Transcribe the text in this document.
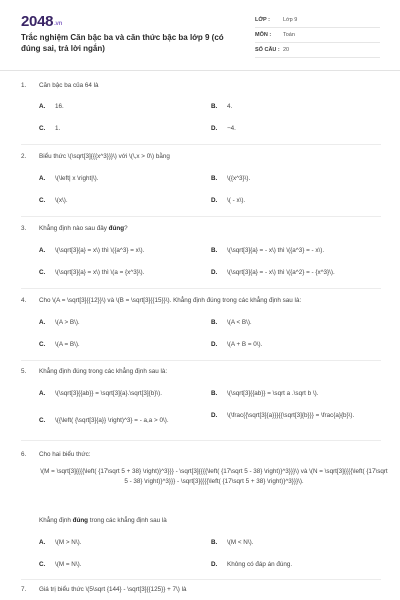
2048.vn
Trắc nghiệm Căn bậc ba và căn thức bậc ba lớp 9 (có đúng sai, trả lời ngắn)
LỚP :	Lớp 9
MÔN :	Toán
SỐ CÂU : 20
1. Căn bậc ba của 64 là
A. 16.	B. 4.
C. 1.	D. −4.
2. Biểu thức \(\sqrt[3]{{{x^3}}}\) với \(\,x > 0\) bằng
A. \(\left| x \right|\).	B. \({x^3}\).
C. \(x\).	D. \( - x\).
3. Khẳng định nào sau đây đúng?
A. \(\sqrt[3]{a} = x\) thì \({a^3} = x\).	B. \(\sqrt[3]{a} = - x\) thì \({a^3} = - x\).
C. \(\sqrt[3]{a} = x\) thì \(a = {x^3}\).	D. \(\sqrt[3]{a} = - x\) thì \({a^2} = - {x^3}\).
4. Cho \(A = \sqrt[3]{{12}}\) và \(B = \sqrt[3]{{15}}\). Khẳng định đúng trong các khẳng định sau là:
A. \(A > B\).	B. \(A < B\).
C. \(A = B\).	D. \(A + B = 0\).
5. Khẳng định đúng trong các khẳng định sau là:
A. \(\sqrt[3]{{ab}} = \sqrt[3]{a}.\sqrt[3]{b}\).	B. \(\sqrt[3]{{ab}} = \sqrt a .\sqrt b \).
C. \({\left( {\sqrt[3]{a}} \right)^3} = - a,a > 0\).
D. \(\frac{{\sqrt[3]{a}}}{{\sqrt[3]{b}}} = \frac{a}{b}\).
6. Cho hai biểu thức:
\(M = \sqrt[3]{{{{\left( {17\sqrt 5 + 38} \right)}^3}}} - \sqrt[3]{{{{\left( {17\sqrt 5 - 38} \right)}^3}}}\) và \(N = \sqrt[3]{{{{\left( {17\sqrt 5 - 38} \right)}^3}}} - \sqrt[3]{{{{\left( {17\sqrt 5 + 38} \right)}^3}}}\).
Khẳng định đúng trong các khẳng định sau là
A. \(M > N\).	B. \(M < N\).
C. \(M = N\).	D. Không có đáp án đúng.
7. Giá trị biểu thức \(5\sqrt {144} - \sqrt[3]{{125}} + 7\) là
